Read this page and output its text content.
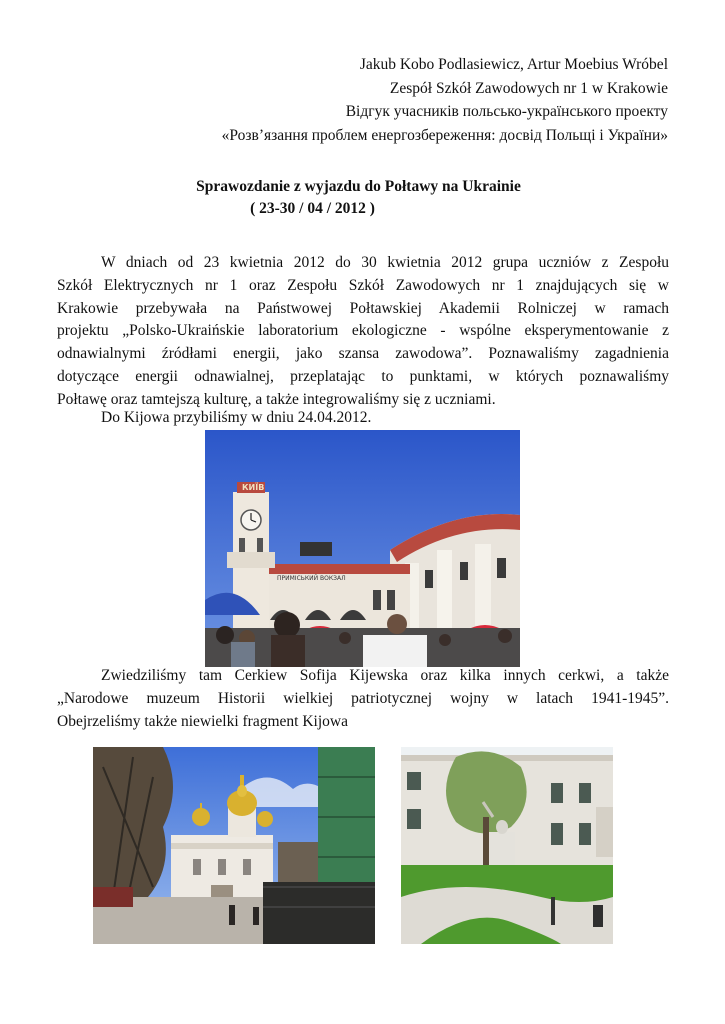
Jakub Kobo Podlasiewicz, Artur Moebius Wróbel
Zespół Szkół Zawodowych nr 1 w Krakowie
Відгук учасників польсько-українського проекту
«Розв’язання проблем енергозбереження: досвід Польщі і України»
Sprawozdanie z wyjazdu do Połtawy na Ukrainie
( 23-30 / 04 / 2012 )
W dniach od 23 kwietnia 2012 do 30 kwietnia 2012 grupa uczniów z Zespołu
Szkół Elektrycznych nr 1 oraz Zespołu Szkół Zawodowych nr 1 znajdujących się w
Krakowie przebywała na Państwowej Połtawskiej Akademii Rolniczej w ramach
projektu „Polsko-Ukraińskie laboratorium ekologiczne - wspólne eksperymentowanie z
odnawialnymi źródłami energii, jako szansa zawodowa”. Poznawaliśmy zagadnienia
dotyczące energii odnawialnej, przeplatając to punktami, w których poznawaliśmy
Połtawę oraz tamtejszą kulturę, a także integrowaliśmy się z uczniami.
Do Kijowa przybiliśmy w dniu 24.04.2012.
ПРИМІСЬКИЙ ВОКЗАЛ
КИЇВ
Zwiedziliśmy tam Cerkiew Sofija Kijewska oraz kilka innych cerkwi, a także
„Narodowe muzeum Historii wielkiej patriotycznej wojny w latach 1941-1945”.
Obejrzeliśmy także niewielki fragment Kijowa
